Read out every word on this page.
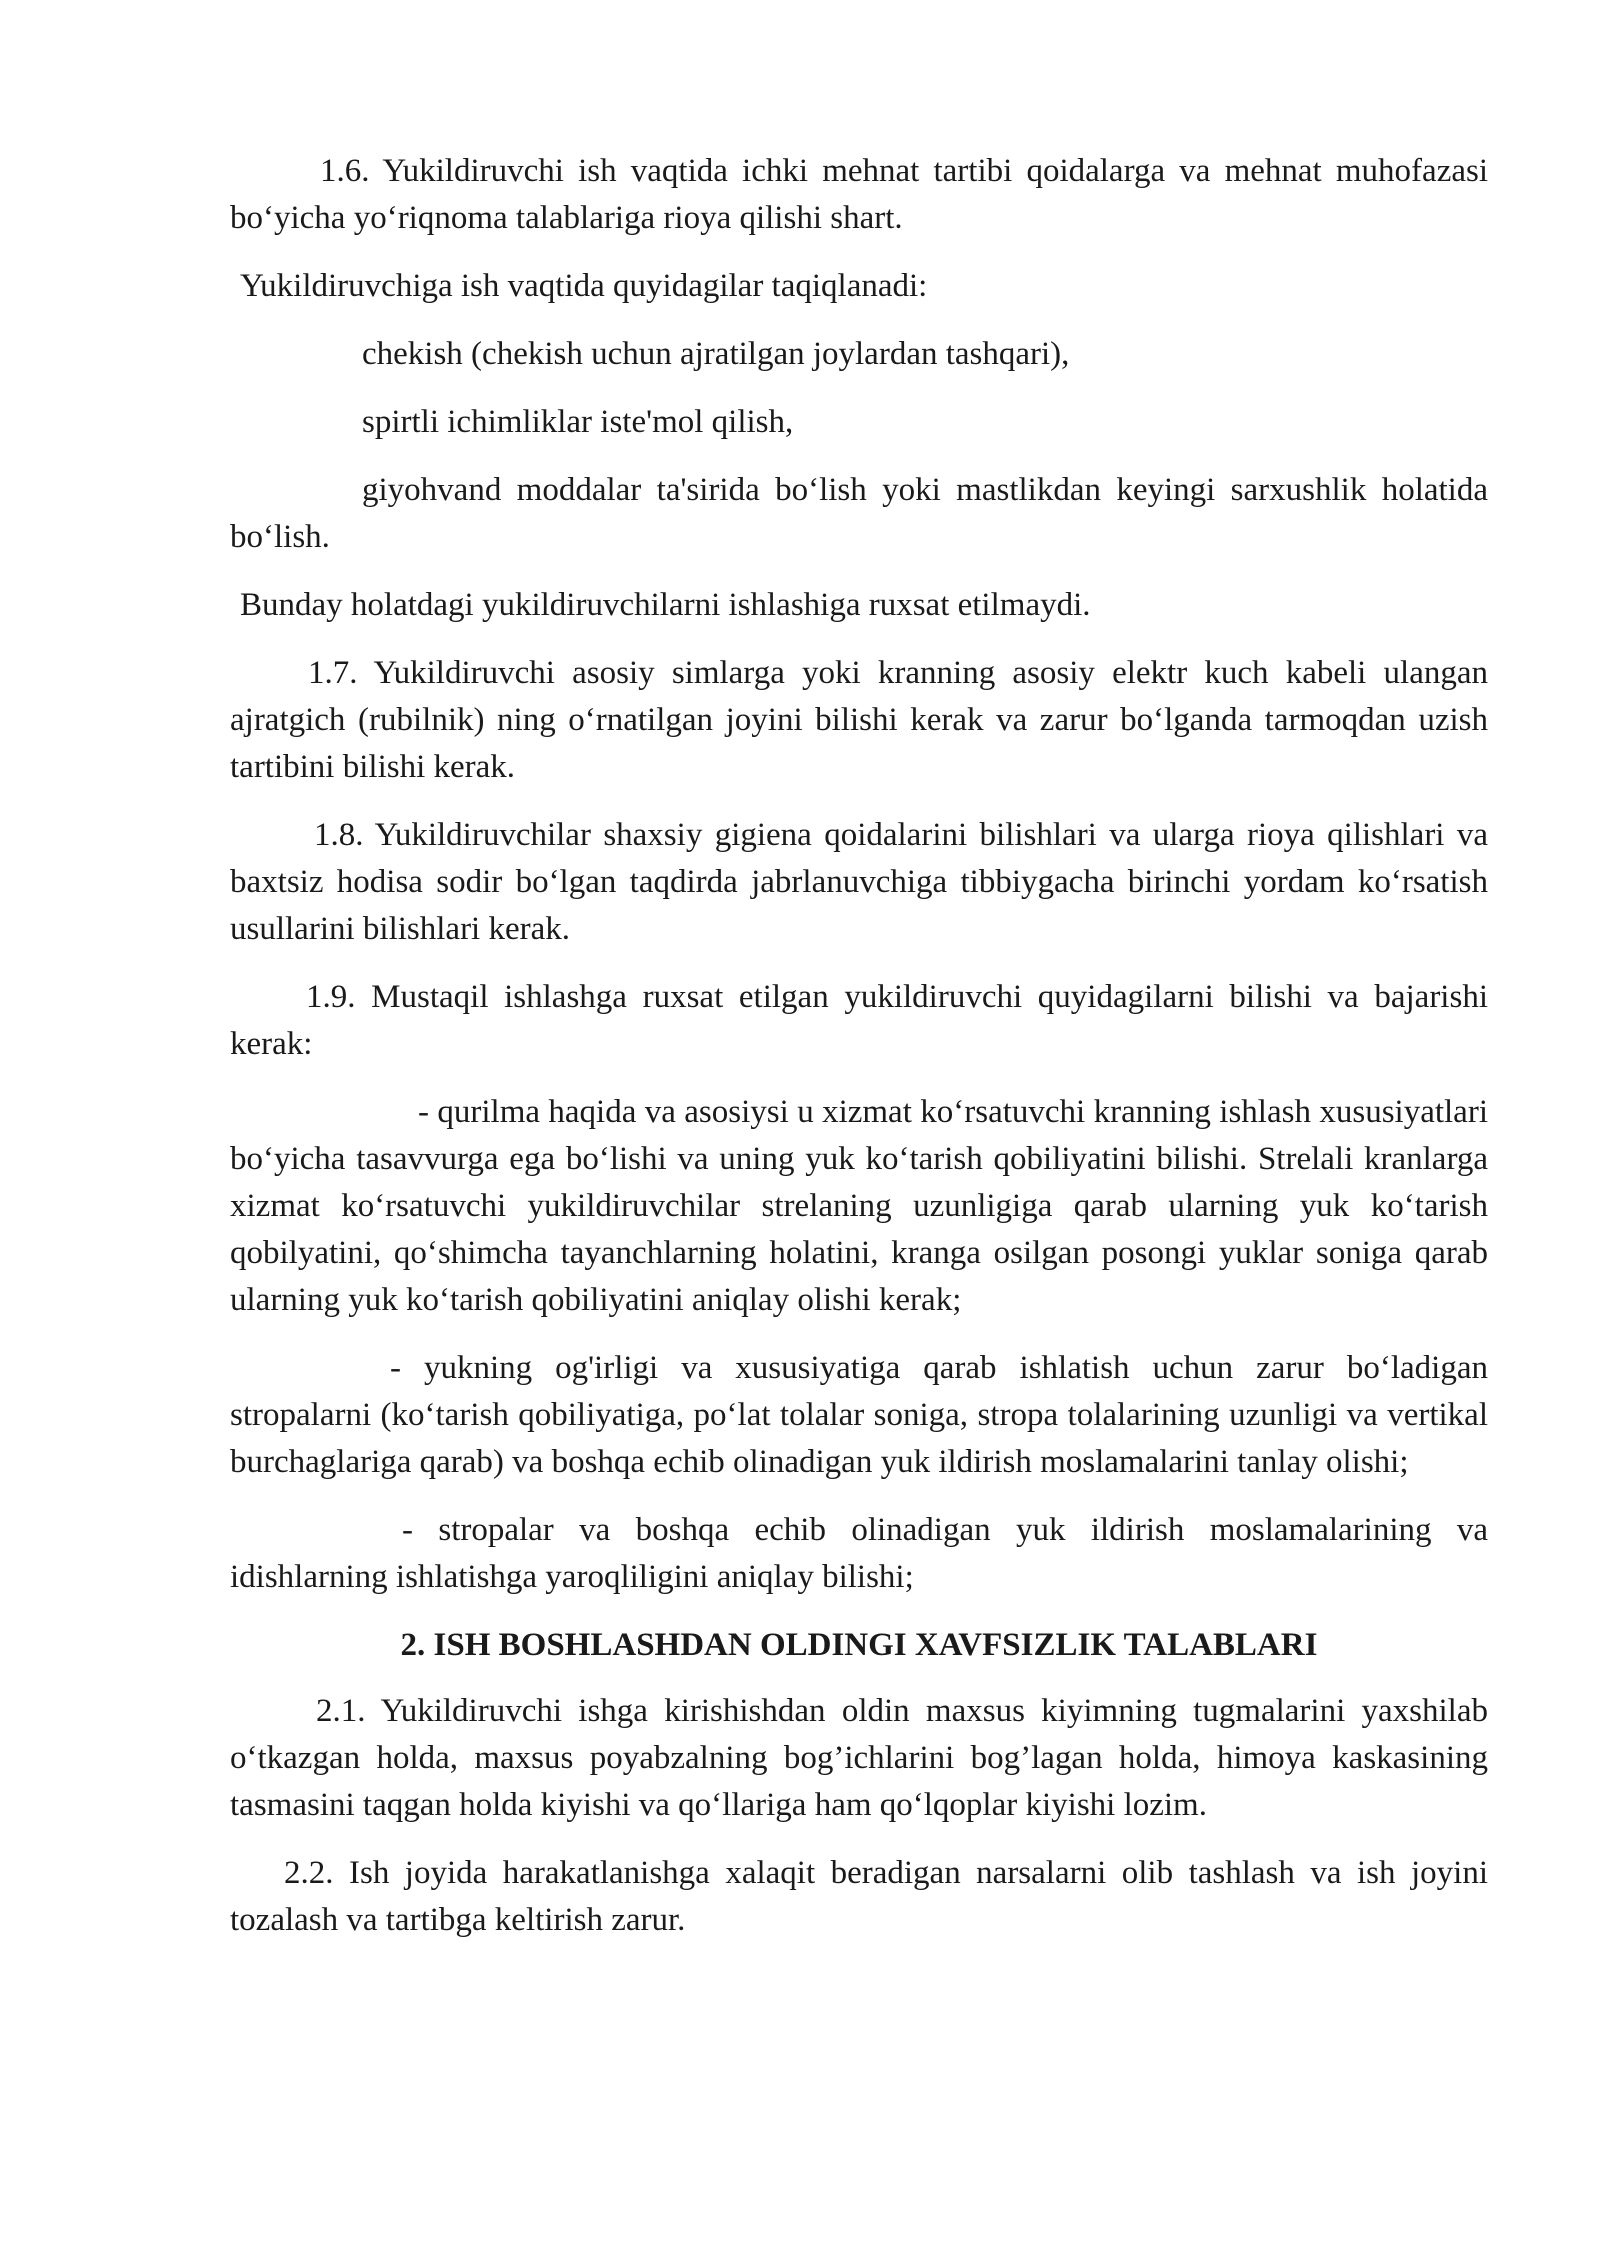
1.6. Yukildiruvchi ish vaqtida ichki mehnat tartibi qoidalarga va mehnat muhofazasi bo‘yicha yo‘riqnoma talablariga rioya qilishi shart.

Yukildiruvchiga ish vaqtida quyidagilar taqiqlanadi:

chekish (chekish uchun ajratilgan joylardan tashqari),

spirtli ichimliklar iste'mol qilish,

giyohvand moddalar ta'sirida bo‘lish yoki mastlikdan keyingi sarxushlik holatida bo‘lish.

Bunday holatdagi yukildiruvchilarni ishlashiga ruxsat etilmaydi.

1.7. Yukildiruvchi asosiy simlarga yoki kranning asosiy elektr kuch kabeli ulangan ajratgich (rubilnik) ning o‘rnatilgan joyini bilishi kerak va zarur bo‘lganda tarmoqdan uzish tartibini bilishi kerak.

1.8. Yukildiruvchilar shaxsiy gigiena qoidalarini bilishlari va ularga rioya qilishlari va baxtsiz hodisa sodir bo‘lgan taqdirda jabrlanuvchiga tibbiygacha birinchi yordam ko‘rsatish usullarini bilishlari kerak.

1.9. Mustaqil ishlashga ruxsat etilgan yukildiruvchi quyidagilarni bilishi va bajarishi kerak:

- qurilma haqida va asosiysi u xizmat ko‘rsatuvchi kranning ishlash xususiyatlari bo‘yicha tasavvurga ega bo‘lishi va uning yuk ko‘tarish qobiliyatini bilishi. Strelali kranlarga xizmat ko‘rsatuvchi yukildiruvchilar strelaning uzunligiga qarab ularning yuk ko‘tarish qobilyatini, qo‘shimcha tayanchlarning holatini, kranga osilgan posongi yuklar soniga qarab ularning yuk ko‘tarish qobiliyatini aniqlay olishi kerak;

- yukning og'irligi va xususiyatiga qarab ishlatish uchun zarur bo‘ladigan stropalarni (ko‘tarish qobiliyatiga, po‘lat tolalar soniga, stropa tolalarining uzunligi va vertikal burchaglariga qarab) va boshqa echib olinadigan yuk ildirish moslamalarini tanlay olishi;

- stropalar va boshqa echib olinadigan yuk ildirish moslamalarining va idishlarning ishlatishga yaroqliligini aniqlay bilishi;

2. ISH BOSHLASHDAN OLDINGI XAVFSIZLIK TALABLARI

2.1. Yukildiruvchi ishga kirishishdan oldin maxsus kiyimning tugmalarini yaxshilab o‘tkazgan holda, maxsus poyabzalning bog’ichlarini bog’lagan holda, himoya kaskasining tasmasini taqgan holda kiyishi va qo‘llariga ham qo‘lqoplar kiyishi lozim.

2.2. Ish joyida harakatlanishga xalaqit beradigan narsalarni olib tashlash va ish joyini tozalash va tartibga keltirish zarur.
